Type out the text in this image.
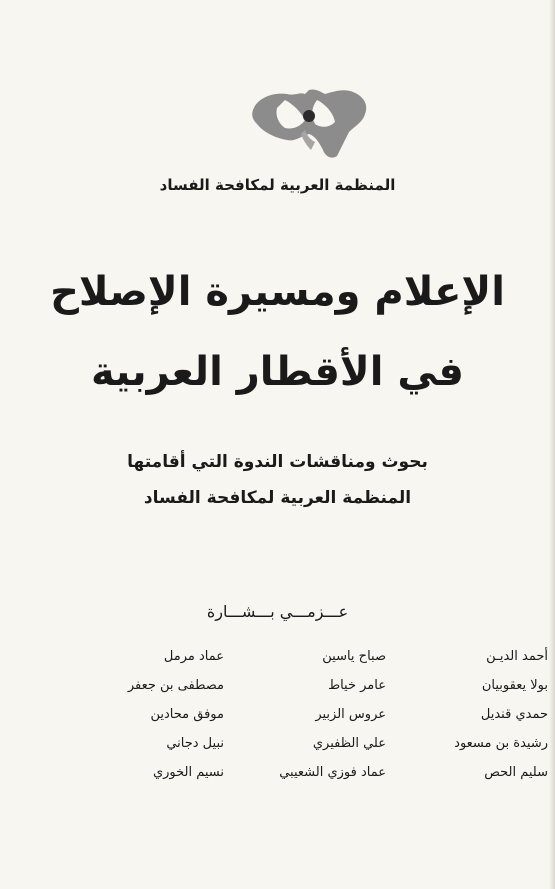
المنظمة العربية لمكافحة الفساد
الإعلام ومسيرة الإصلاح
في الأقطار العربية
بحوث ومناقشات الندوة التي أقامتها
المنظمة العربية لمكافحة الفساد
عـــزمـــي بـــشـــارة
أحمد الديـن
صباح ياسين
عماد مرمل
بولا يعقوبيان
عامر خياط
مصطفى بن جعفر
حمدي قنديل
عروس الزبير
موفق محادين
رشيدة بن مسعود
علي الظفيري
نبيل دجاني
سليم الحص
عماد فوزي الشعيبي
نسيم الخوري
